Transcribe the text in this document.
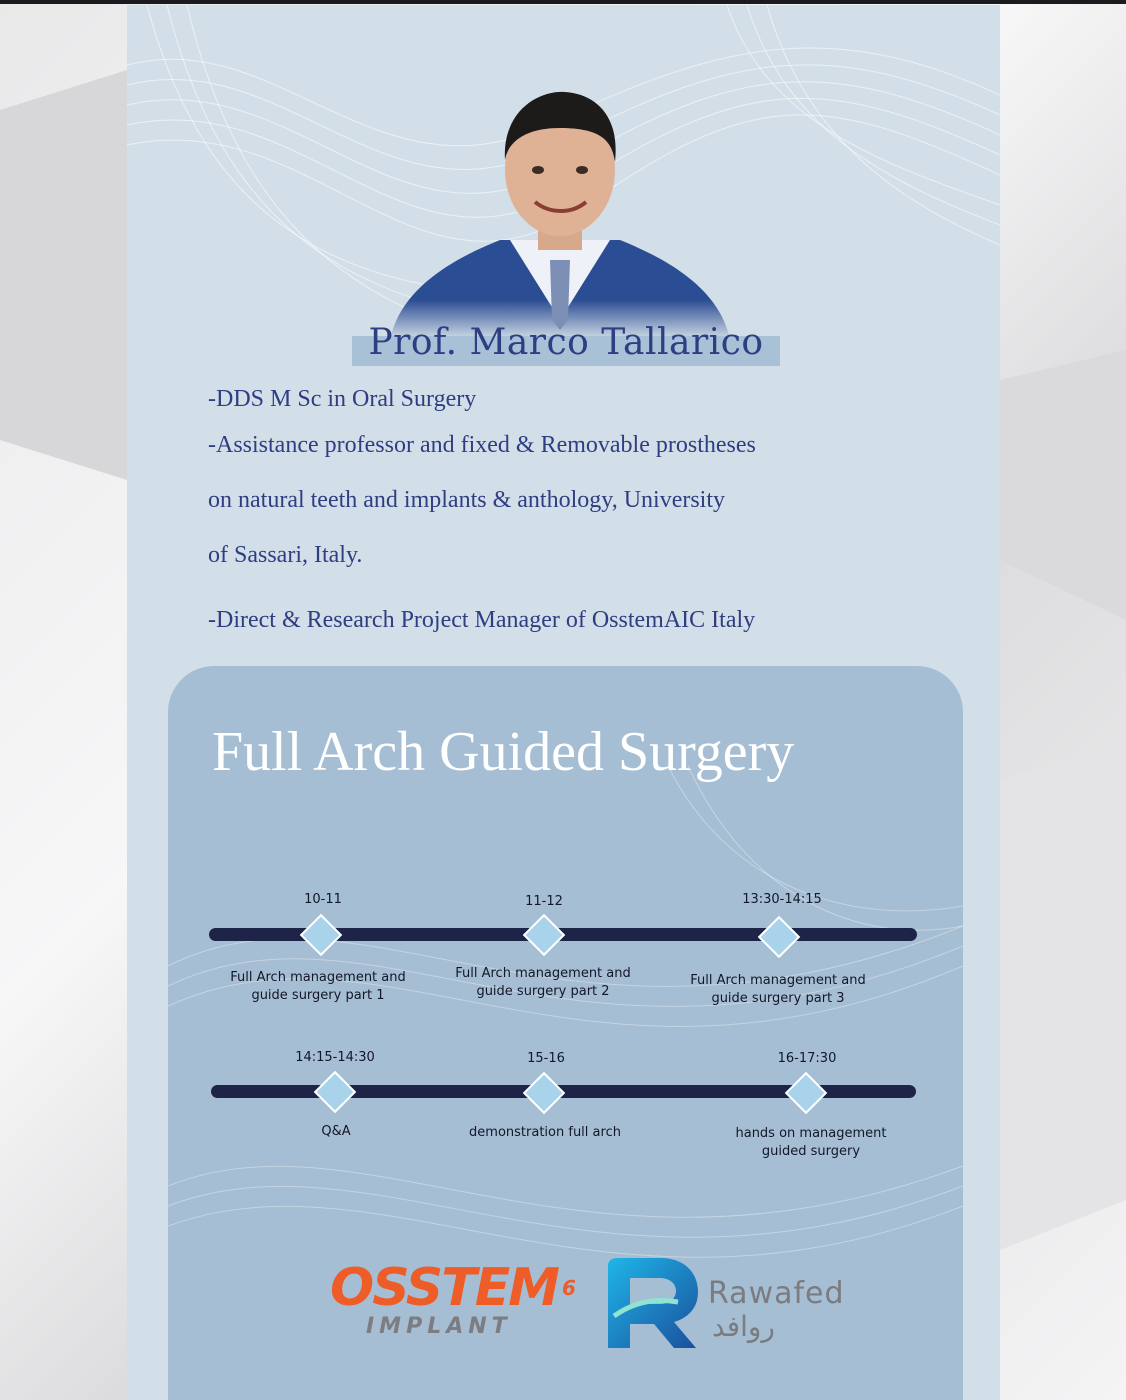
Prof. Marco Tallarico
-DDS M Sc in Oral Surgery
-Assistance professor and fixed & Removable prostheses
on natural teeth and implants & anthology, University
of Sassari, Italy.
-Direct & Research Project Manager of OsstemAIC Italy
Full Arch Guided Surgery
10-11
Full Arch management and
guide surgery part 1
11-12
Full Arch management and
guide surgery part 2
13:30-14:15
Full Arch management and
guide surgery part 3
14:15-14:30
Q&A
15-16
demonstration full arch
16-17:30
hands on management
guided surgery
OSSTEM $^6$
IMPLANT
Rawafed
روافد
